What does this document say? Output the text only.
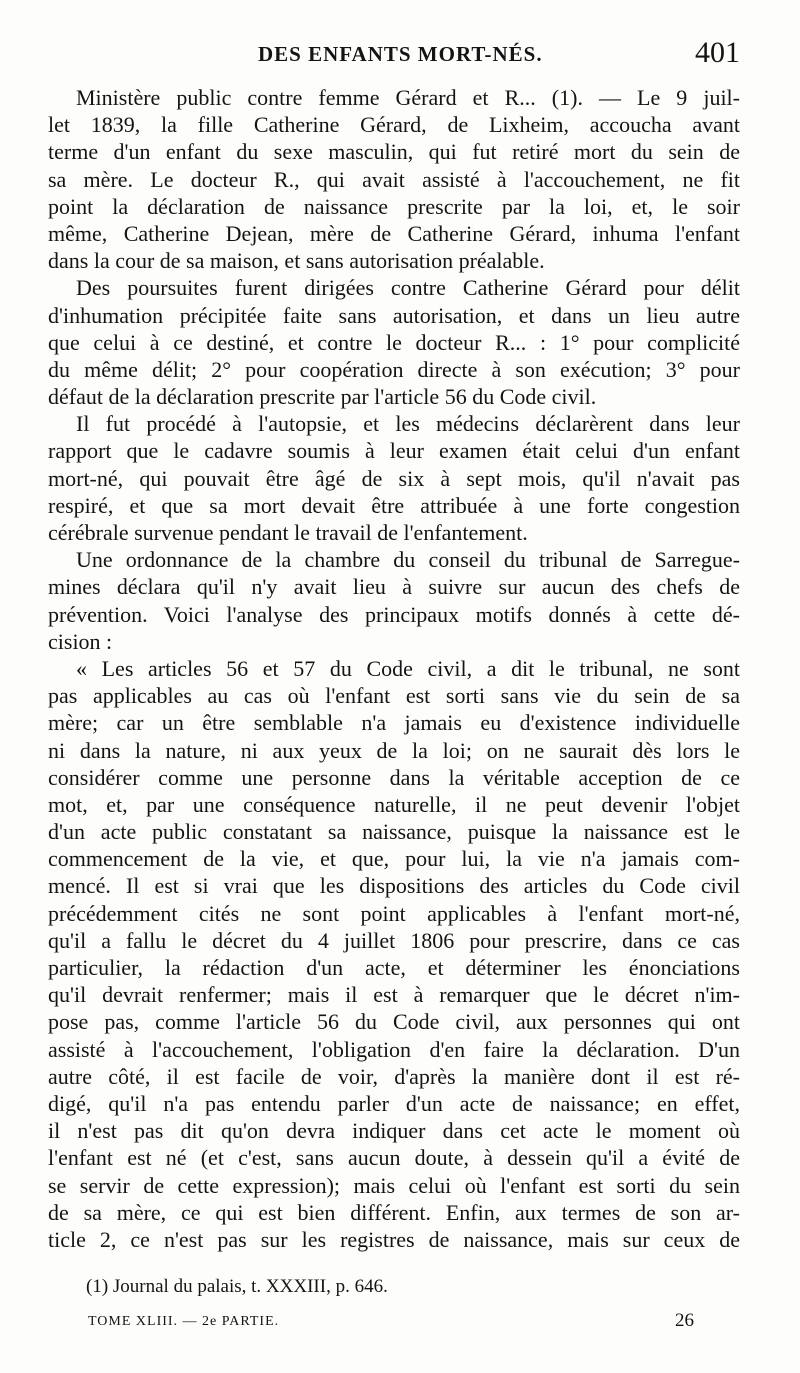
DES ENFANTS MORT-NÉS.	401
Ministère public contre femme Gérard et R... (1). — Le 9 juil-
let 1839, la fille Catherine Gérard, de Lixheim, accoucha avant
terme d'un enfant du sexe masculin, qui fut retiré mort du sein de
sa mère. Le docteur R., qui avait assisté à l'accouchement, ne fit
point la déclaration de naissance prescrite par la loi, et, le soir
même, Catherine Dejean, mère de Catherine Gérard, inhuma l'enfant
dans la cour de sa maison, et sans autorisation préalable.
Des poursuites furent dirigées contre Catherine Gérard pour délit
d'inhumation précipitée faite sans autorisation, et dans un lieu autre
que celui à ce destiné, et contre le docteur R... : 1° pour complicité
du même délit; 2° pour coopération directe à son exécution; 3° pour
défaut de la déclaration prescrite par l'article 56 du Code civil.
Il fut procédé à l'autopsie, et les médecins déclarèrent dans leur
rapport que le cadavre soumis à leur examen était celui d'un enfant
mort-né, qui pouvait être âgé de six à sept mois, qu'il n'avait pas
respiré, et que sa mort devait être attribuée à une forte congestion
cérébrale survenue pendant le travail de l'enfantement.
Une ordonnance de la chambre du conseil du tribunal de Sarregue-
mines déclara qu'il n'y avait lieu à suivre sur aucun des chefs de
prévention. Voici l'analyse des principaux motifs donnés à cette dé-
cision :
« Les articles 56 et 57 du Code civil, a dit le tribunal, ne sont
pas applicables au cas où l'enfant est sorti sans vie du sein de sa
mère; car un être semblable n'a jamais eu d'existence individuelle
ni dans la nature, ni aux yeux de la loi; on ne saurait dès lors le
considérer comme une personne dans la véritable acception de ce
mot, et, par une conséquence naturelle, il ne peut devenir l'objet
d'un acte public constatant sa naissance, puisque la naissance est le
commencement de la vie, et que, pour lui, la vie n'a jamais com-
mencé. Il est si vrai que les dispositions des articles du Code civil
précédemment cités ne sont point applicables à l'enfant mort-né,
qu'il a fallu le décret du 4 juillet 1806 pour prescrire, dans ce cas
particulier, la rédaction d'un acte, et déterminer les énonciations
qu'il devrait renfermer; mais il est à remarquer que le décret n'im-
pose pas, comme l'article 56 du Code civil, aux personnes qui ont
assisté à l'accouchement, l'obligation d'en faire la déclaration. D'un
autre côté, il est facile de voir, d'après la manière dont il est ré-
digé, qu'il n'a pas entendu parler d'un acte de naissance; en effet,
il n'est pas dit qu'on devra indiquer dans cet acte le moment où
l'enfant est né (et c'est, sans aucun doute, à dessein qu'il a évité de
se servir de cette expression); mais celui où l'enfant est sorti du sein
de sa mère, ce qui est bien différent. Enfin, aux termes de son ar-
ticle 2, ce n'est pas sur les registres de naissance, mais sur ceux de
(1) Journal du palais, t. XXXIII, p. 646.
TOME XLIII. — 2e PARTIE.	26
